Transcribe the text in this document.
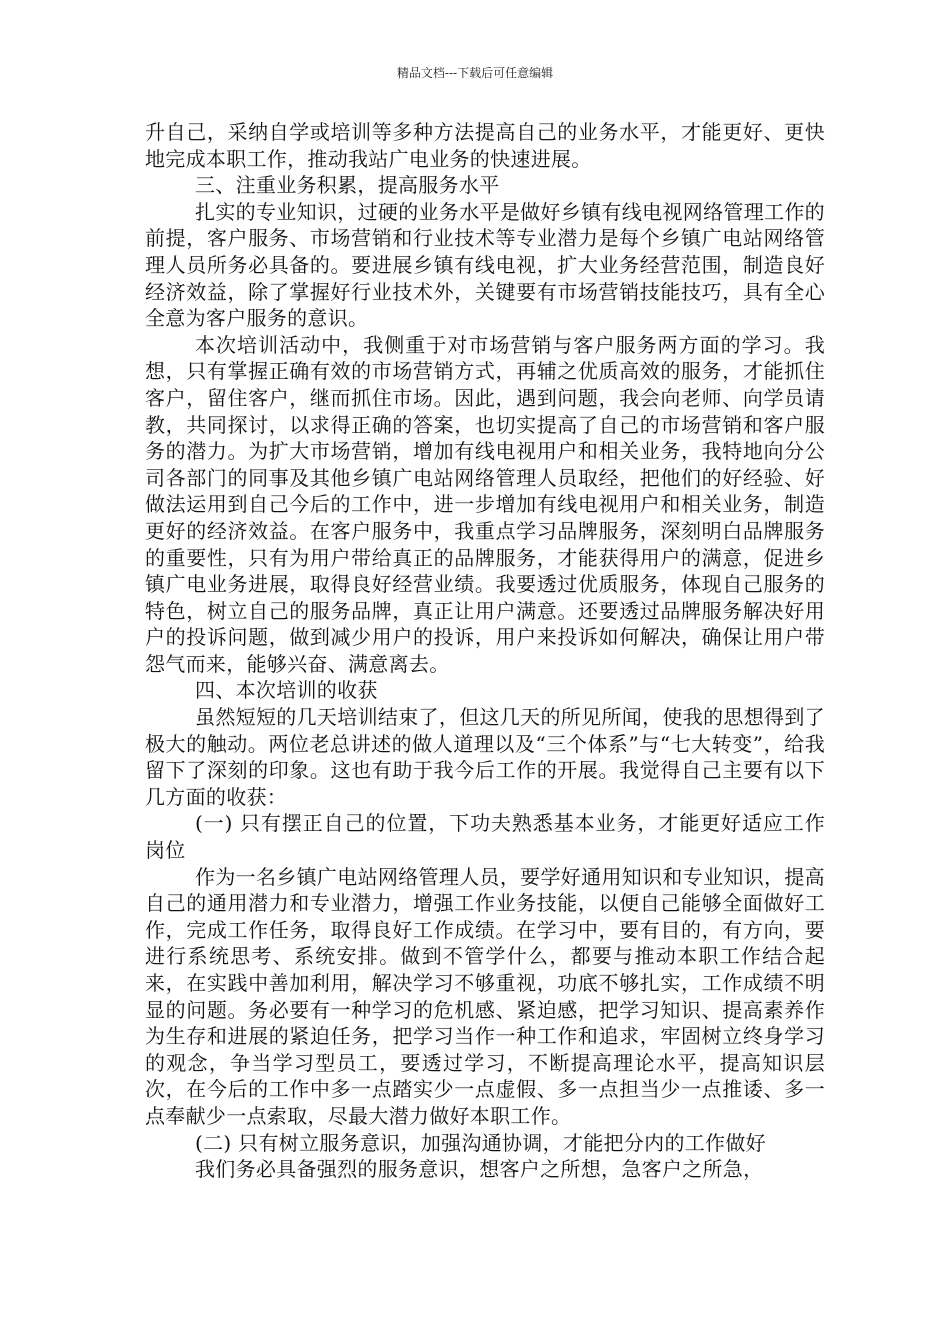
精品文档---下载后可任意编辑

升自己，采纳自学或培训等多种方法提高自己的业务水平，才能更好、更快地完成本职工作，推动我站广电业务的快速进展。

三、注重业务积累，提高服务水平

扎实的专业知识，过硬的业务水平是做好乡镇有线电视网络管理工作的前提，客户服务、市场营销和行业技术等专业潜力是每个乡镇广电站网络管理人员所务必具备的。要进展乡镇有线电视，扩大业务经营范围，制造良好经济效益，除了掌握好行业技术外，关键要有市场营销技能技巧，具有全心全意为客户服务的意识。

本次培训活动中，我侧重于对市场营销与客户服务两方面的学习。我想，只有掌握正确有效的市场营销方式，再辅之优质高效的服务，才能抓住客户，留住客户，继而抓住市场。因此，遇到问题，我会向老师、向学员请教，共同探讨，以求得正确的答案，也切实提高了自己的市场营销和客户服务的潜力。为扩大市场营销，增加有线电视用户和相关业务，我特地向分公司各部门的同事及其他乡镇广电站网络管理人员取经，把他们的好经验、好做法运用到自己今后的工作中，进一步增加有线电视用户和相关业务，制造更好的经济效益。在客户服务中，我重点学习品牌服务，深刻明白品牌服务的重要性，只有为用户带给真正的品牌服务，才能获得用户的满意，促进乡镇广电业务进展，取得良好经营业绩。我要透过优质服务，体现自己服务的特色，树立自己的服务品牌，真正让用户满意。还要透过品牌服务解决好用户的投诉问题，做到减少用户的投诉，用户来投诉如何解决，确保让用户带怨气而来，能够兴奋、满意离去。

四、本次培训的收获

虽然短短的几天培训结束了，但这几天的所见所闻，使我的思想得到了极大的触动。两位老总讲述的做人道理以及“三个体系”与“七大转变”，给我留下了深刻的印象。这也有助于我今后工作的开展。我觉得自己主要有以下几方面的收获：

(一) 只有摆正自己的位置，下功夫熟悉基本业务，才能更好适应工作岗位

作为一名乡镇广电站网络管理人员，要学好通用知识和专业知识，提高自己的通用潜力和专业潜力，增强工作业务技能，以便自己能够全面做好工作，完成工作任务，取得良好工作成绩。在学习中，要有目的，有方向，要进行系统思考、系统安排。做到不管学什么，都要与推动本职工作结合起来，在实践中善加利用，解决学习不够重视，功底不够扎实，工作成绩不明显的问题。务必要有一种学习的危机感、紧迫感，把学习知识、提高素养作为生存和进展的紧迫任务，把学习当作一种工作和追求，牢固树立终身学习的观念，争当学习型员工，要透过学习，不断提高理论水平，提高知识层次，在今后的工作中多一点踏实少一点虚假、多一点担当少一点推诿、多一点奉献少一点索取，尽最大潜力做好本职工作。

(二) 只有树立服务意识，加强沟通协调，才能把分内的工作做好

我们务必具备强烈的服务意识，想客户之所想，急客户之所急，
